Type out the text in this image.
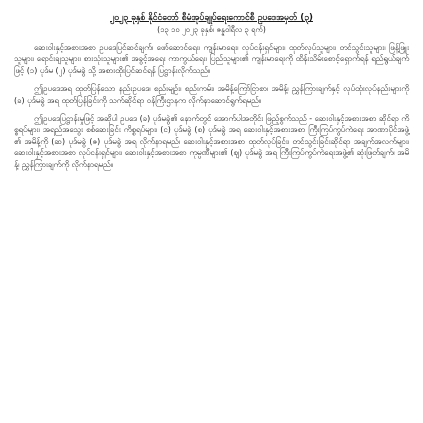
၂၀၂၃ ခုနှစ် နိုင်ငံတော် စီမံအုပ်ချုပ်ရေးကောင်စီ ဥပဒေအမှတ် (၃)
(၁၃ ၁၀ ၂၀၂၃ ခုနှစ်၊ ဇန္နဝါရီလ ၃ ရက်)

ဆေးဝါးနှင့်အစားအစာ ဥပဒေပြင်ဆင်ချက်၊ ဖော်ဆောင်ရေး၊ ကျန်းမာရေး၊ လုပ်ငန်းရှင်များ၊ ထုတ်လုပ်သူများ၊ တင်သွင်းသူများ၊ ဖြန့်ဖြူးသူများ၊ ရောင်းချသူများ၊ စားသုံးသူများ၏ အခွင့်အရေး ကာကွယ်ရေး၊ ပြည်သူများ၏ ကျန်းမာရေးကို ထိန်းသိမ်းစောင့်ရှောက်ရန် ရည်ရွယ်ချက်ဖြင့် (၁) ပုဒ်မ (၂) ပုဒ်မခွဲ သို့ အစားထိုးပြင်ဆင်ရန် ပြဋ္ဌာန်းလိုက်သည်။

ဤဥပဒေအရ ထုတ်ပြန်သော နည်းဥပဒေ၊ စည်းမျဉ်း၊ စည်းကမ်း၊ အမိန့်ကြော်ငြာစာ၊ အမိန့်၊ ညွှန်ကြားချက်နှင့် လုပ်ထုံးလုပ်နည်းများကို (ခ) ပုဒ်မခွဲ အရ ထုတ်ပြန်ခြင်းကို သက်ဆိုင်ရာ ဝန်ကြီးဌာနက လိုက်နာဆောင်ရွက်ရမည်။

ဤဥပဒေပြဋ္ဌာန်းမှုဖြင့် အဆိုပါ ဥပဒေ (ခ) ပုဒ်မခွဲ၏ နောက်တွင် အောက်ပါအတိုင်း ဖြည့်စွက်သည် - ဆေးဝါးနှင့်အစားအစာ ဆိုင်ရာ ကိစ္စရပ်များ၊ အရည်အသွေး စစ်ဆေးခြင်း ကိစ္စရပ်များ၊ (င) ပုဒ်မခွဲ (စ) ပုဒ်မခွဲ အရ ဆေးဝါးနှင့်အစားအစာ ကြီးကြပ်ကွပ်ကဲရေး အာဏာပိုင်အဖွဲ့၏ အမိန့်ကို (ဆ) ပုဒ်မခွဲ (ဇ) ပုဒ်မခွဲ အရ လိုက်နာရမည်၊ ဆေးဝါးနှင့်အစားအစာ ထုတ်လုပ်ခြင်း၊ တင်သွင်းခြင်းဆိုင်ရာ အချက်အလက်များ၊ ဆေးဝါးနှင့်အစားအစာ လုပ်ငန်းရှင်များ၊ ဆေးဝါးနှင့်အစားအစာ ကုမ္ပဏီများ၏ (ဈ) ပုဒ်မခွဲ အရ ကြီးကြပ်ကွပ်ကဲရေးအဖွဲ့၏ ဆုံးဖြတ်ချက်၊ အမိန့်၊ ညွှန်ကြားချက်ကို လိုက်နာရမည်။
